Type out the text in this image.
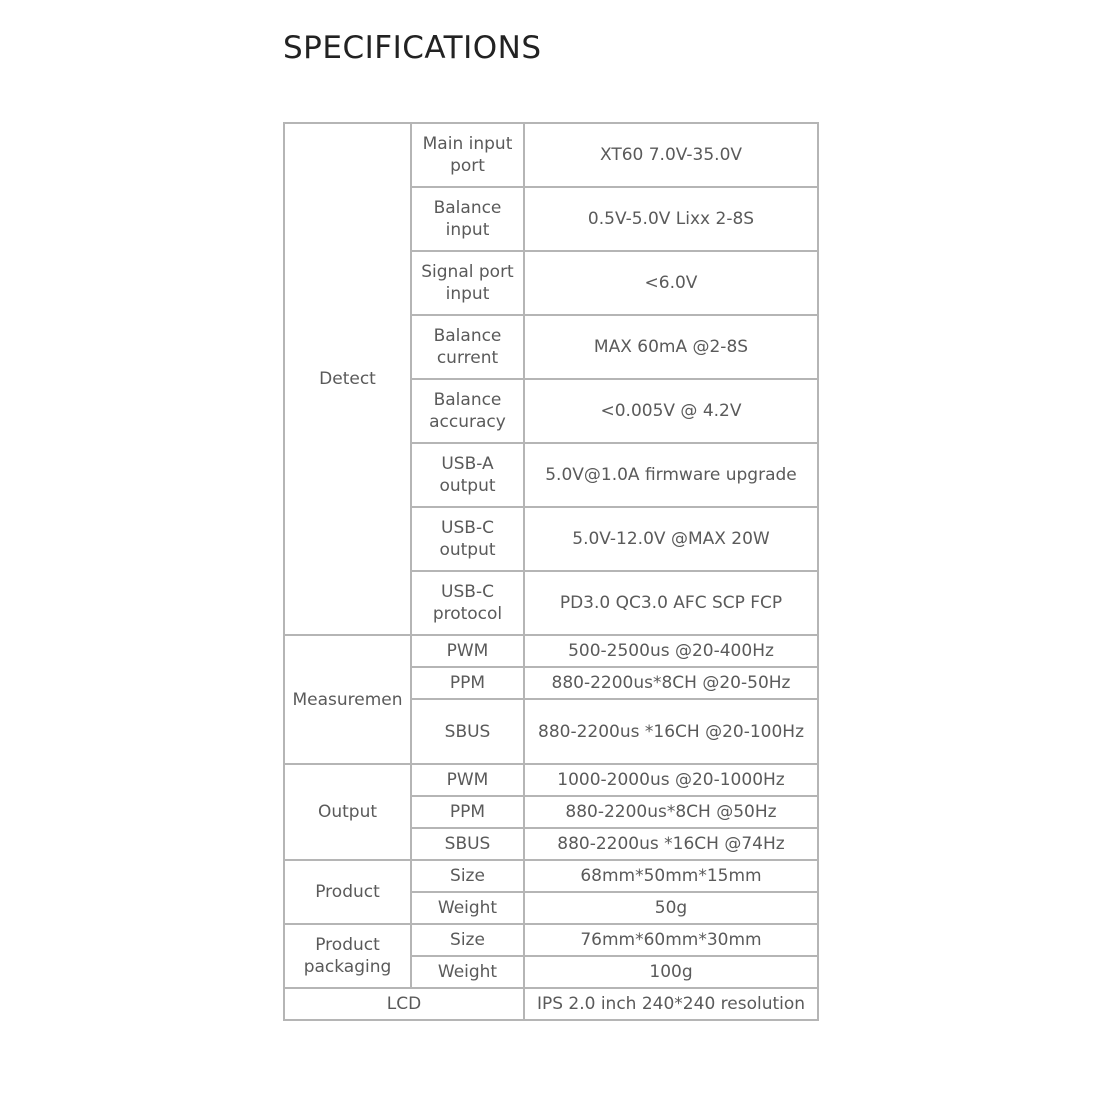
SPECIFICATIONS
Detect	Main input port	XT60 7.0V-35.0V
	Balance input	0.5V-5.0V Lixx 2-8S
	Signal port input	<6.0V
	Balance current	MAX 60mA @2-8S
	Balance accuracy	<0.005V @ 4.2V
	USB-A output	5.0V@1.0A firmware upgrade
	USB-C output	5.0V-12.0V @MAX 20W
	USB-C protocol	PD3.0 QC3.0 AFC SCP FCP
Measuremen	PWM	500-2500us @20-400Hz
	PPM	880-2200us*8CH @20-50Hz
	SBUS	880-2200us *16CH @20-100Hz
Output	PWM	1000-2000us @20-1000Hz
	PPM	880-2200us*8CH @50Hz
	SBUS	880-2200us *16CH @74Hz
Product	Size	68mm*50mm*15mm
	Weight	50g
Product packaging	Size	76mm*60mm*30mm
	Weight	100g
LCD		IPS 2.0 inch 240*240 resolution
